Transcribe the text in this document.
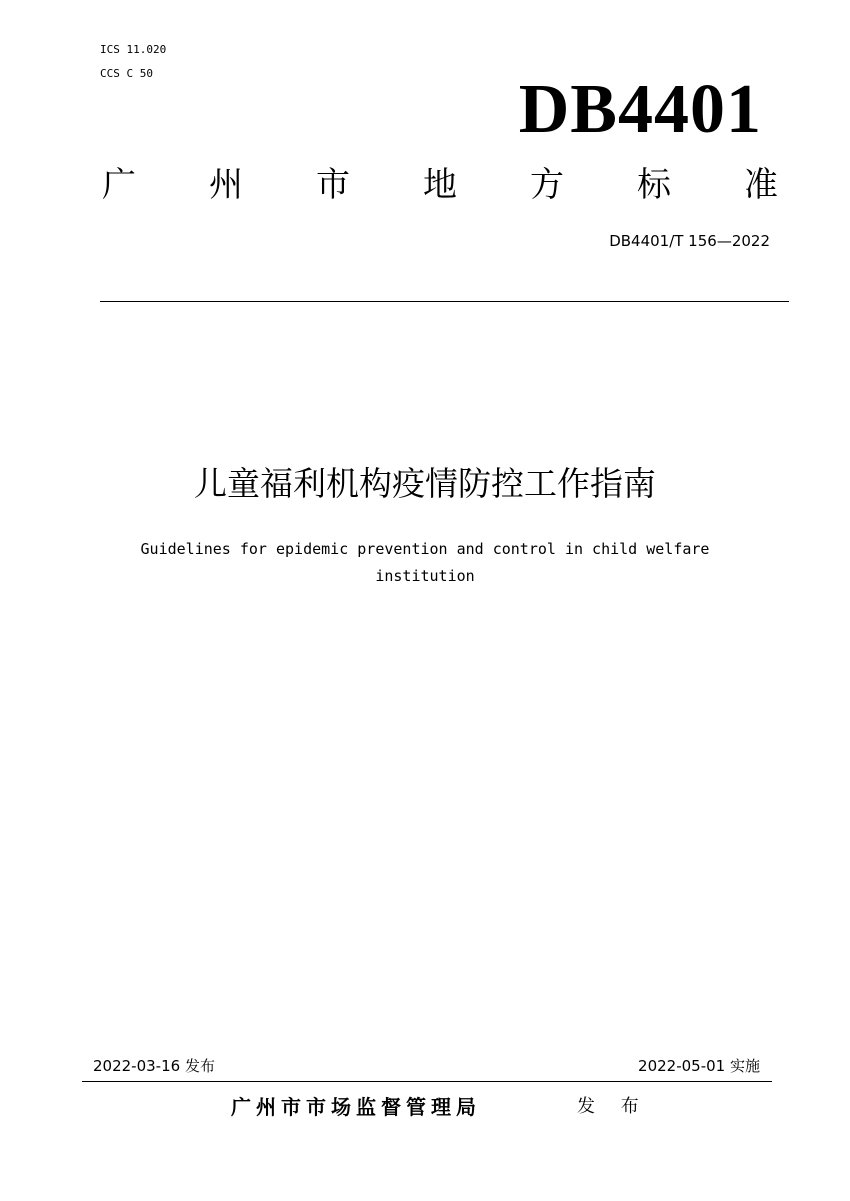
ICS 11.020
CCS C 50	DB4401
广 州 市 地 方 标 准
DB4401/T 156—2022
儿童福利机构疫情防控工作指南
Guidelines for epidemic prevention and control in child welfare
institution
2022-03-16 发布	2022-05-01 实施
广州市市场监督管理局	发 布
